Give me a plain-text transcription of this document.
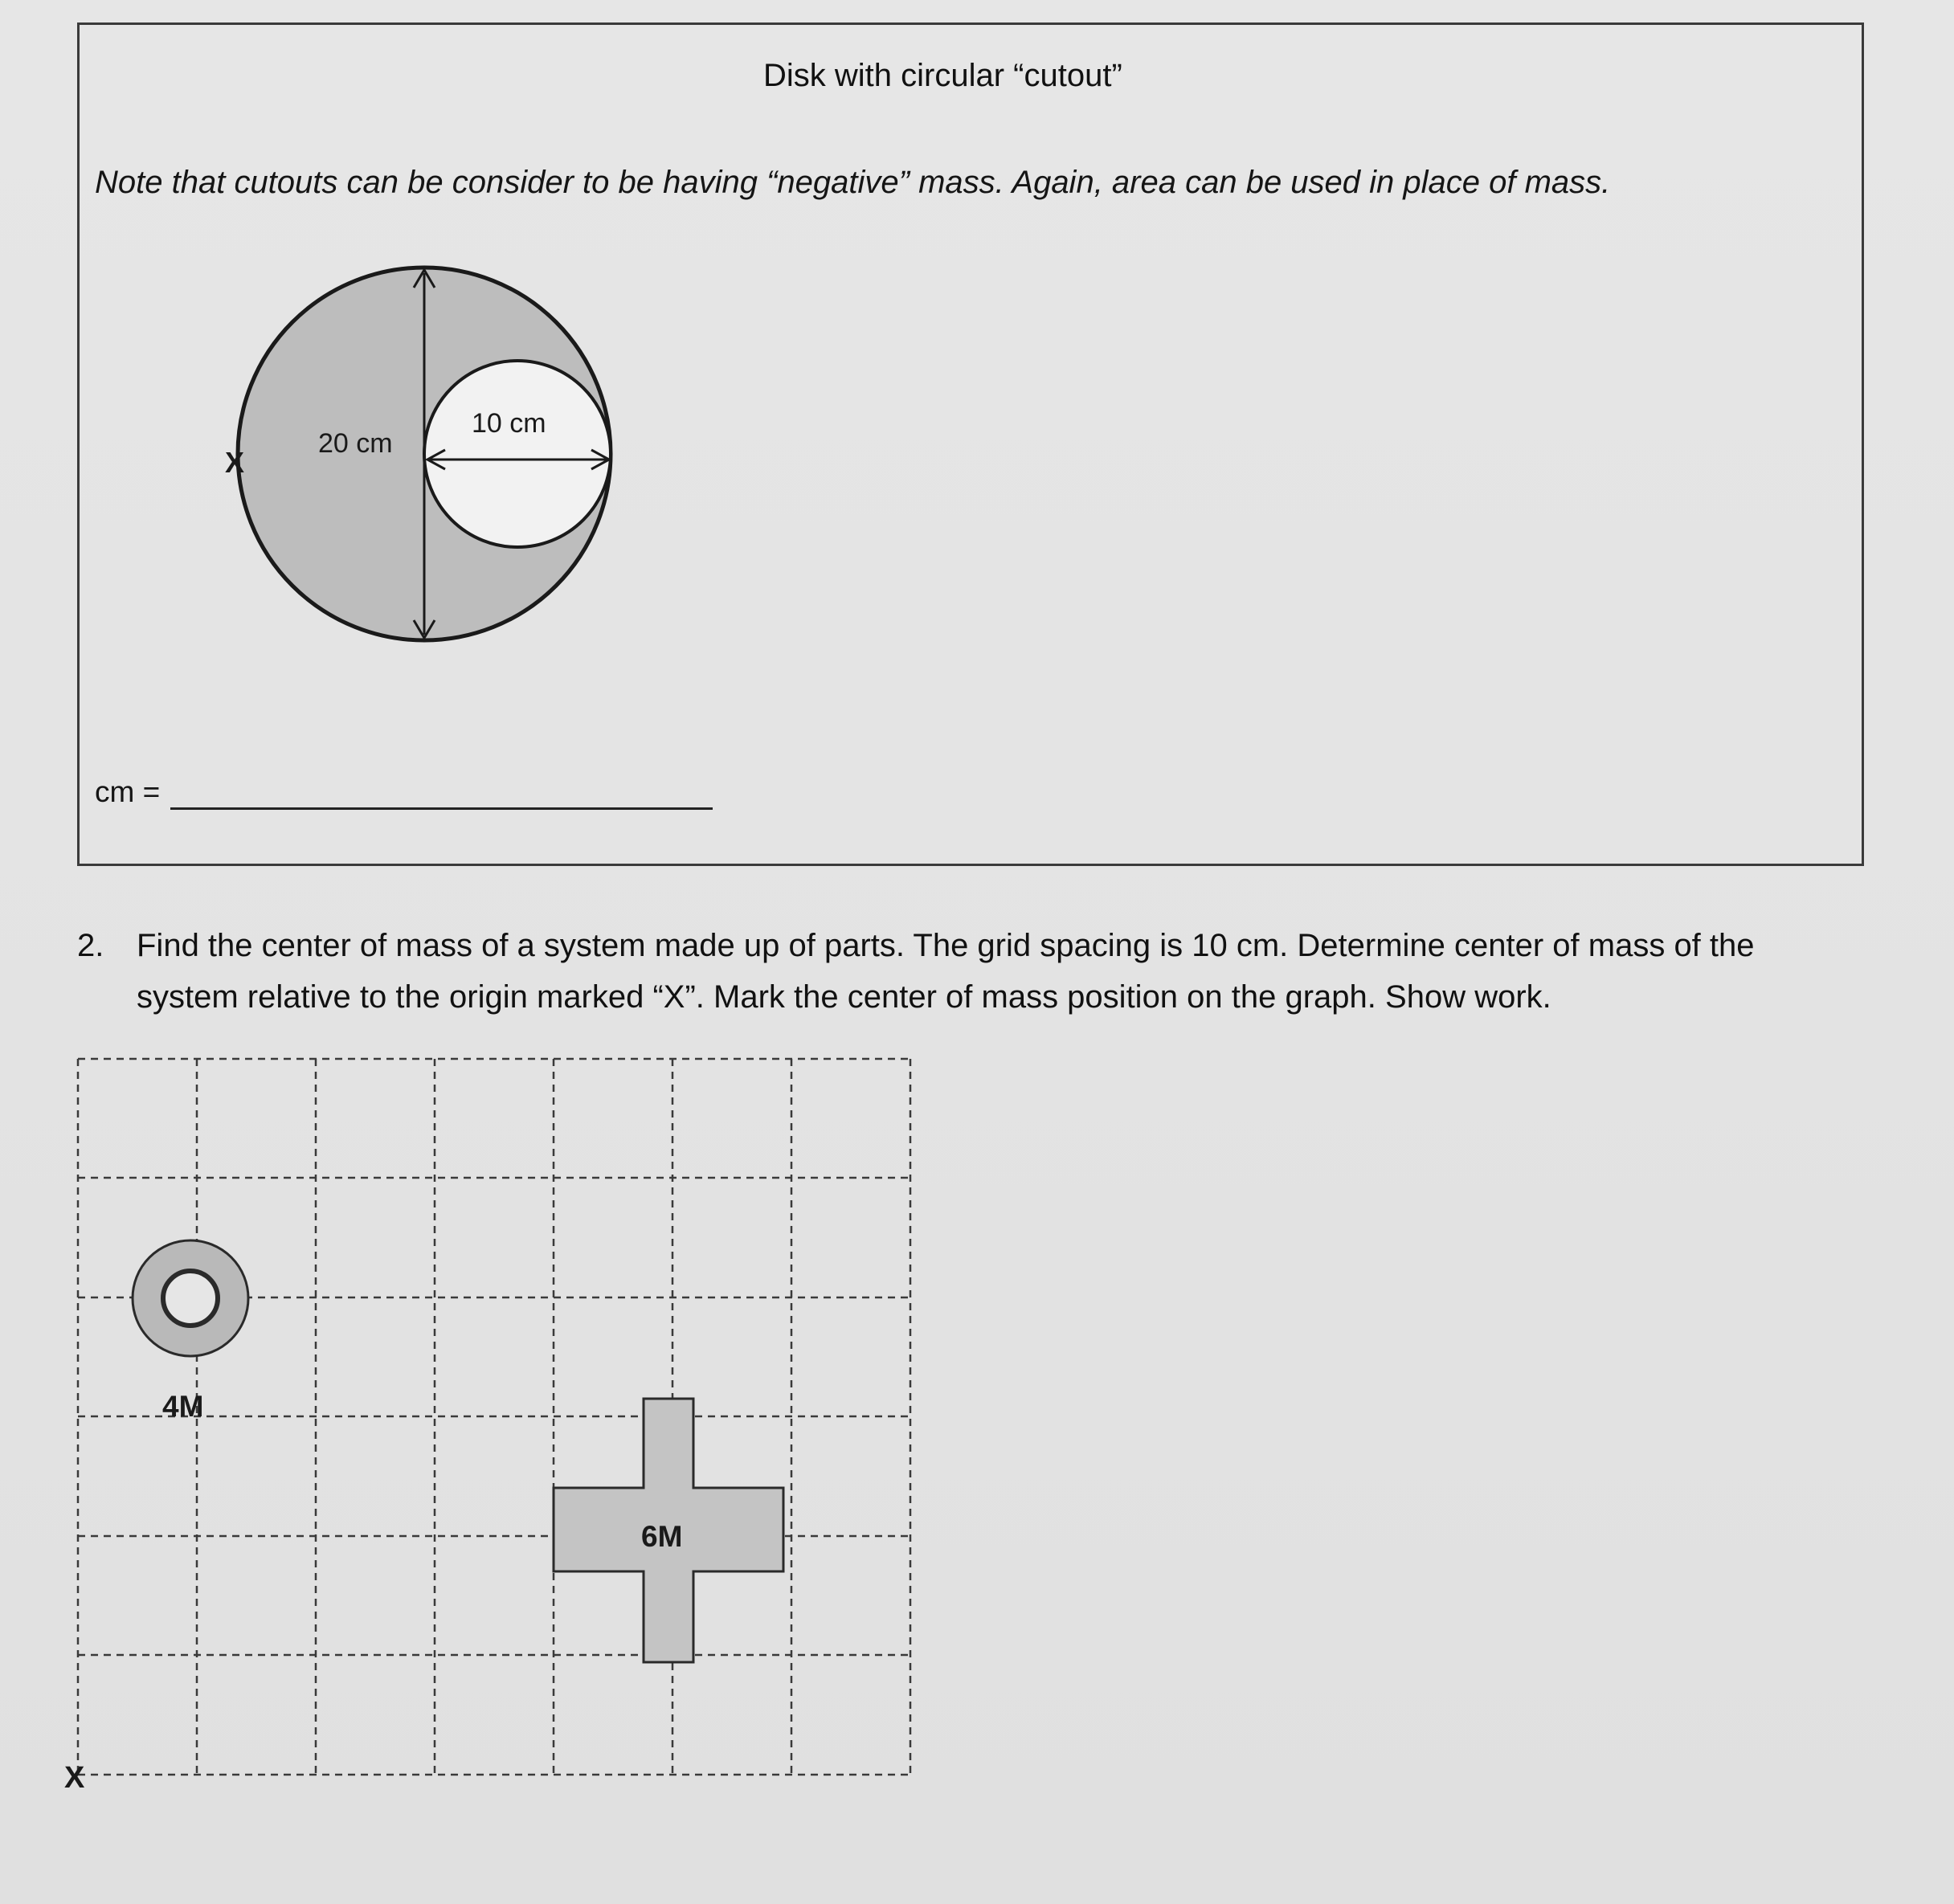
Disk with circular “cutout”
Note that cutouts can be consider to be having “negative” mass. Again, area can be used in place of mass.
20 cm
10 cm
X
cm =
2.	Find the center of mass of a system made up of parts. The grid spacing is 10 cm. Determine center of mass of the
system relative to the origin marked “X”. Mark the center of mass position on the graph. Show work.
4M
6M
X
